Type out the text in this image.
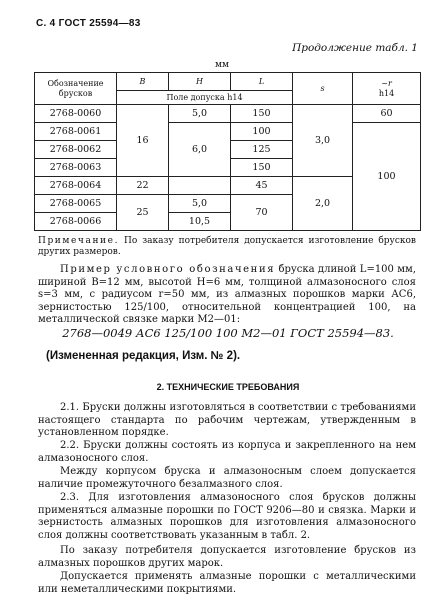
С. 4 ГОСТ 25594—83
Продолжение табл. 1
мм
Обозначение брусков	B	H	L	s	~r
h14
	Поле допуска h14				
2768-0060	16	5,0	150	3,0	60
2768-0061		6,0	100		100
2768-0062			125		
2768-0063			150		
2768-0064	22		45	2,0	
2768-0065	25	5,0	70		
2768-0066		10,5			
Примечание. По заказу потребителя допускается изготовление брусков других размеров.
Пример условного обозначения бруска длиной L=100 мм, шириной B=12 мм, высотой H=6 мм, толщиной алмазоносного слоя s=3 мм, с радиусом r=50 мм, из алмазных порошков марки АС6, зернистостью 125/100, относительной концентрацией 100, на металлической связке марки М2—01:
2768—0049 АС6 125/100 100 М2—01 ГОСТ 25594—83.
(Измененная редакция, Изм. № 2).
2. ТЕХНИЧЕСКИЕ ТРЕБОВАНИЯ
2.1. Бруски должны изготовляться в соответствии с требованиями настоящего стандарта по рабочим чертежам, утвержденным в установленном порядке.
2.2. Бруски должны состоять из корпуса и закрепленного на нем алмазоносного слоя.
Между корпусом бруска и алмазоносным слоем допускается наличие промежуточного безалмазного слоя.
2.3. Для изготовления алмазоносного слоя брусков должны применяться алмазные порошки по ГОСТ 9206—80 и связка. Марки и зернистость алмазных порошков для изготовления алмазоносного слоя должны соответствовать указанным в табл. 2.
По заказу потребителя допускается изготовление брусков из алмазных порошков других марок.
Допускается применять алмазные порошки с металлическими или неметаллическими покрытиями.
